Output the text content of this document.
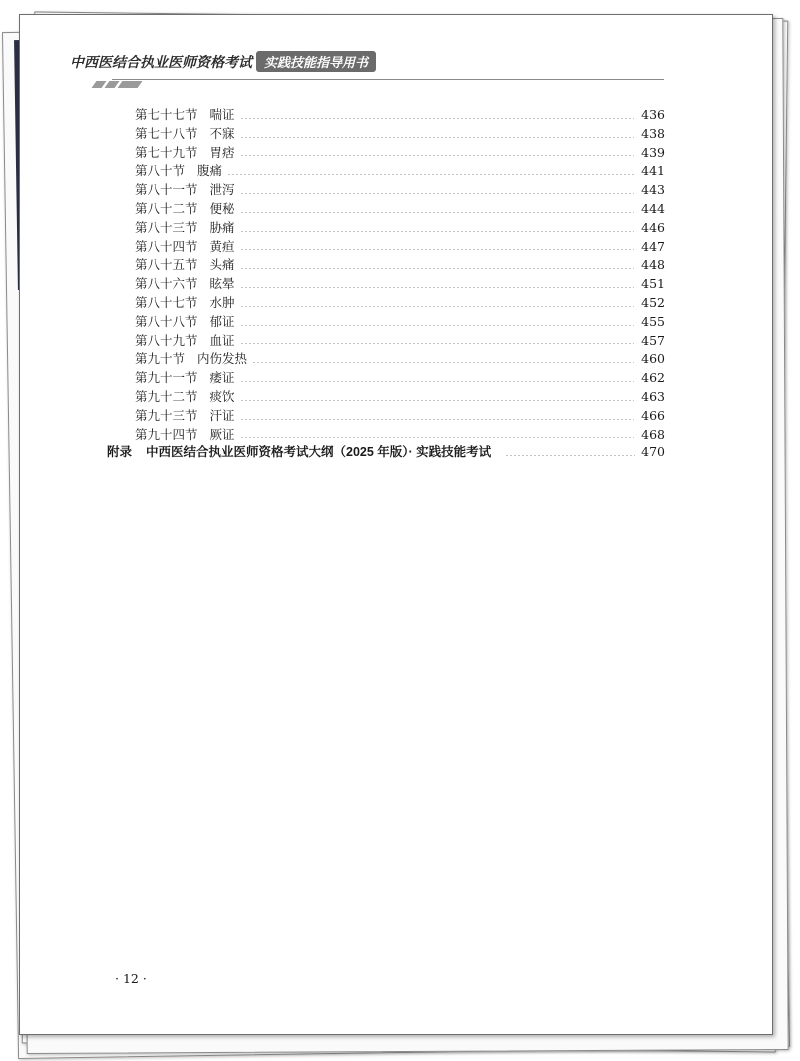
中西医结合执业医师资格考试 实践技能指导用书
第七十七节 喘证	436
第七十八节 不寐	438
第七十九节 胃痞	439
第八十节 腹痛	441
第八十一节 泄泻	443
第八十二节 便秘	444
第八十三节 胁痛	446
第八十四节 黄疸	447
第八十五节 头痛	448
第八十六节 眩晕	451
第八十七节 水肿	452
第八十八节 郁证	455
第八十九节 血证	457
第九十节 内伤发热	460
第九十一节 痿证	462
第九十二节 痰饮	463
第九十三节 汗证	466
第九十四节 厥证	468
附录 中西医结合执业医师资格考试大纲（2025 年版）· 实践技能考试	470
· 12 ·
